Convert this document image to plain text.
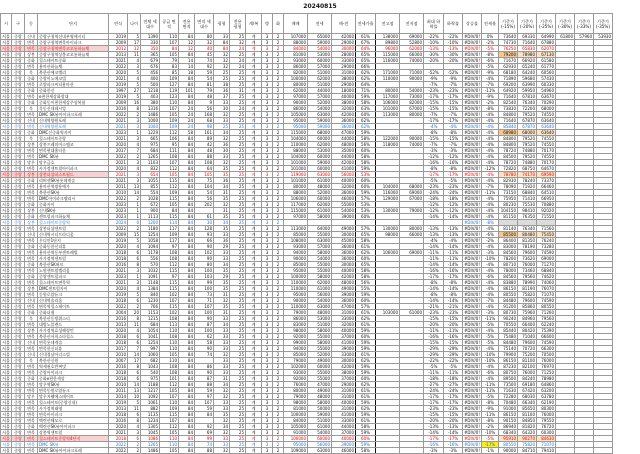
20240815
시	구	동	단지	연식	나이	전체 세대수	공급 면적	전용 면적	면적 세대수	평형	전용 평형	계/복	방	화	매매	전세	매-전	전세가율	전고점	전저점	최대 하락률	하락률	상승률	전세율	기준가 (-15%)	기준가 (-20%)	기준가 (-25%)	기준가 (-30%)	기준가 (-33%)	기준가 (-35%)
서울	중랑	신내	중랑구청역신내부영애시티	2019	5	1390	110	84	80	33	25	계	3	2	107000	65000	42000	61%	138000	69000	-22%	-22%	#DIV/0!	0%	73640	69330	64990	61800	57960	53930
서울	중랑	면목	중랑구청역면목아이파크	2009	17	330	107	12	32	84	32	계	3	2	88000	59000	29000	67%	89800	52800	-10%	-10%	#DIV/0!	-2%	74730	71640	67880			
서울	중랑	면목	중랑구청역면목코오롱하늘채	2012	12	350	84	12	40	84	24	계	3	2	84000	54000	30000	64%	96000	62000	-13%	-13%	#DIV/0!	-5%	76250	65830	62070			
서울	중랑	상봉	중랑구청역상봉코오롱하늘채	2013	11	365	105	84	45	32	25	계	3	2	81000	53000	28000	65%	115000	66000	-30%	-30%	#DIV/0!	-8%	79200	78980	67130			
서울	중랑	중화	힐스테이트중화	2021	4	679	79	14	74	32	24	계	3	2	93000	60000	33000	65%	116000	74000	-20%	-20%	#DIV/0!	-6%	71670	66920	61580			
서울	중랑	면목	용마산하늘채	2022	3	676	83	14	92	32	24	계	3	2	86000	57000	29000	66%					#DIV/0!	-5%	62930	65240	61770			
서울	중랑	묵	북한산에코밸리	2020	5	456	85	18	59	25	25	계	3	2	82000	51000	31000	62%	171000	71000	-52%	-52%	#DIV/0!	-9%	68180	64240	60560			
서울	중랑	중화	중랑이노에코빌	2021	4	400	109	84	54	25	25	계	3	2	100000	62000	38000	62%	110000	90000	-9%	-9%	#DIV/0!	-4%	71890	59680	57430			
서울	중랑	면목	로얄파크씨티용마산	2019	5	500	127	84	81	38	25	계	3	2	80000	51000	29000	64%			-7%	-7%	#DIV/0!	-7%	69200	63990	60330			
서울	중랑	중화	중화한신	1997	27	1218	119	101	79	36	31	계	3	2	62000	44000	18000	71%	80000	54000	-23%	-23%	#DIV/0!	-11%	64920	59950	54960			
서울	중랑	면목	e편한세상화랑대	2019	5	403	123	84	48	37	25	계	3	2	97000	57000	40000	59%	117000	73000	-17%	-17%	#DIV/0!	-9%	71640	67810	63670			
서울	중랑	중화	중화동이편한세상주상복합	2009	16	380	110	84	9	33	25	계	3	2	90000	52000	38000	58%	106000	82000	-15%	-15%	#DIV/0!	-2%	82540	76340	70290			
서울	중랑	묵	묵동신내데시앙	2016	8	1316	107	24	56	30	24	계	3	2	86000	54000	32000	63%	101000	67000	-15%	-15%	#DIV/0!	-8%	73830	72200	68000			
서울	중랑	면목	DMC SK뷰아이파크포레	2022	2	1486	105	24	168	32	25	계	3	2	105000	63000	42000	60%	113000	80000	-7%	-7%	#DIV/0!	-4%	84800	79520	74550			
서울	중랑	신내	신내역양원포레	2021	3	1000	109	24	68	33	25	계	3	2	95000	59000	36000	62%			-17%	-17%	#DIV/0!	-4%	71640	67870	63640			
서울	중랑	면목	신내역양원포레	2021	3	1000	109	24	98	25	25	계	3	2	95000	59000	36000	62%			-4%	-4%	#DIV/0!	-4%	85840	67870	63640			
서울	중랑	중화	DMC신중화역자이	2023	1	1229	112	58	161	34	25	계	3	2	115000	68000	47000	59%			-8%	-8%	#DIV/0!	-4%	68980	68000	63640			
서울	중랑	묵	힐스테이트중랑	2021	3	665	106	84	89	32	25	계	3	2	104000	60000	44000	58%	122000	90000	-15%	-15%	#DIV/0!	-4%	84800	79520	74550			
서울	중랑	상봉	상봉프레미어스엠코	2020	4	975	95	84	42	36	25	계	3	2	110000	62000	48000	56%	118000	74000	-7%	-7%	#DIV/0!	-4%	84800	79520	74550			
서울	중랑	면목	면목현대홈타운	2017	7	684	111	84	48	30	25	계	3	2	88000	53000	35000	60%			-3%	-3%	#DIV/0!	-4%	78720	74880	70170			
서울	중랑	면목	DMC SK뷰	2022	2	1265	108	84	88	33	25	계	3	2	104000	60000	44000	58%			-12%	-12%	#DIV/0!	-4%	84500	79520	74550			
서울	중랑	망우	망우금호	2021	3	1103	107	84	108	32	25	계	3	2	101000	59000	42000	58%			-16%	-16%	#DIV/0!	-4%	78720	74880	70170			
서울	중랑	면목	사가정센트럴아이파크	2020	4	832	112	84	64	35	25	계	3	2	101000	60000	41000	59%			-8%	-8%	#DIV/0!	-12%	72820	68750	64670			
서울	중랑	상봉	상봉더샵퍼스트월드	2021	3	654	105	84	105	35	25	계	3	2	119000	63000	56000	53%			-17%	-17%	#DIV/0!	-4%	78780	74170	69590			
서울	중랑	중화	리버센SK뷰롯데캐슬	2021	3	1055	115	84	75	36	25	계	3	2	101000	61000	40000	60%			-5%	-5%	#DIV/0!	-4%	82930	78240	73370			
서울	중랑	면목	용마산역쌍용예가	2011	13	855	112	84	104	34	25	계	3	2	80000	48000	32000	60%	104000	68000	-23%	-23%	#DIV/0!	-7%	78090	71920	66460			
서울	중랑	면목	북한산SK뷰	2010	14	554	109	84	54	31	25	계	3	2	88000	52000	36000	59%	116000	69000	-24%	-24%	#DIV/0!	-11%	73150	68840	64510			
서울	중랑	면목	DMC아이파크펠리시	2022	2	1028	115	84	56	35	25	계	3	2	106000	60000	46000	57%	129000	67000	-18%	-18%	#DIV/0!	-4%	75950	71410	66950			
서울	중랑	중화	중화자이	2023	1	672	105	84	202	32	25	계	3	2	117000	62000	55000	53%			-12%	-12%	#DIV/0!	-4%	80230	75530	70880			
서울	중랑	상봉	신내SK뷰	2023	1	900	84	84		31	25	계	3	2	115000	61000	54000	53%	130000	79000	-12%	-12%	#DIV/0!	-4%	104150	98410	92020			
서울	중랑	중화	센트럴파크하늘채	2023	1	1113	115	84	61	35	25	계	3	2	97000	58000	39000	60%			-14%	-14%	#DIV/0!	-4%	81150	76350	71550			
서울	중랑	상봉	힐스테이트중랑역	2024	0	1200	114	84	30	34	25	계	3	2									#DIV/0!	-8%						
서울	중랑	면목	상봉더샵센트럴	2022	2	1180	117	84	128	35	25	계	3	2	113000	64000	49000	57%	130000	80000	-13%	-13%	#DIV/0!	-4%	81140	76340	71560			
서울	중랑	신내	신내역시티프라디움	2009	15	1254	109	84	93	33	25	계	3	2	85000	55000	30000	65%	98000	66000	-13%	-13%	#DIV/0!	-6%	85500	80480	75450			
서울	중랑	면목	우디안1단지	2019	5	1058	117	84	66	36	25	계	3	2	108000	63000	45000	58%			-4%	-4%	#DIV/0!	-2%	86400	81350	76240			
서울	중랑	중화	중화동한신더휴	2020	4	1094	97	84	90	29	25	계	3	2	93000	57000	36000	61%			-14%	-14%	#DIV/0!	-4%	83000	78190	73280			
서울	중랑	면목	용마산역동부센트레빌	2018	6	1178	108	84	102	33	25	계	3	2	94000	58000	36000	62%	106000	69000	-11%	-11%	#DIV/0!	-3%	84560	79600	74590			
서울	중랑	면목	사가정역센트럴	2018	6	556	108	84	90	33	25	계	3	2	90000	54000	36000	60%			-11%	-11%	#DIV/0!	-10%	78200	73620	69000			
서울	중랑	중화	북한산SK허브	2016	8	570	112	84	80	34	25	계	3	2	85000	55000	30000	65%			-14%	-14%	#DIV/0!	-4%	80710	76000	71270			
서울	중랑	면목	노원센트럴엘리움	2021	3	1032	115	84	100	35	25	계	3	2	95000	55000	40000	58%			-16%	-16%	#DIV/0!	-4%	78000	73460	68840			
서울	중랑	중화	중랑센트럴파크	2023	1	1091	97	84	103	29	25	계	3	2	100000	58000	42000	58%			-17%	-17%	#DIV/0!	-6%	84560	79560	74620			
서울	중랑	면목	힐스테이트면목역	2021	3	1148	115	84	99	35	25	계	3	2	110000	62000	48000	56%			-8%	-8%	#DIV/0!	-4%	83880	78990	74060			
서울	중랑	상봉	DMC센트럴자이	2020	4	1384	115	84	100	35	25	계	3	2	110000	61000	49000	55%			-14%	-14%	#DIV/0!	-4%	86150	81190	76070			
서울	중랑	면목	동원로얄듀크	2019	5	840	102	84	73	31	25	계	3	2	95000	56000	39000	59%			-8%	-8%	#DIV/0!	-4%	80550	75820	71070			
서울	중랑	신내	신내역솔리움	2018	6	1230	107	84	71	32	25	계	3	2	90000	54000	36000	60%			-14%	-14%	#DIV/0!	-7%	84480	79600	74590			
서울	중랑	면목	면목역힐스테이트	2022	2	766	115	84	107	35	25	계	3	2	110000	63000	47000	57%			-21%	-21%	#DIV/0!	-4%	91200	85860	80550			
서울	중랑	중화	중화더쉴	2004	20	1153	102	84	100	31	25	계	3	2	79000	48000	31000	61%	103000	61000	-23%	-23%	#DIV/0!	-3%	80730	75960	71260			
서울	중랑	묵	북한산동방위스티	2016	8	1215	108	84	90	33	25	계	3	2	86000	53000	33000	62%			-15%	-15%	#DIV/0!	-11%	90240	84960	79560			
서울	중랑	면목	대방노블랜드	2013	11	684	113	84	87	34	25	계	3	2	83000	51000	32000	61%			-20%	-20%	#DIV/0!	-5%	70550	66400	62240			
서울	중랑	상봉	사가정역효성해링턴	2020	4	1054	110	84	100	33	25	계	3	2	98000	58000	40000	59%			-11%	-11%	#DIV/0!	-4%	85440	80420	75390			
서울	중랑	면목	북한산서희스타힐스	2018	6	1041	108	84	62	33	25	계	3	2	92000	55000	37000	60%			-16%	-16%	#DIV/0!	-5%	75480	71040	66600			
서울	중랑	신내	면목롯데캐슬	2018	6	1254	110	84	58	33	25	계	3	2	99000	58000	41000	59%			-15%	-15%	#DIV/0!	-5%	84480	79600	74590			
서울	중랑	면목	면목한신더휴	2017	7	997	110	84	90	33	25	계	3	2	94000	55000	39000	59%			-29%	-29%	#DIV/0!	-4%	75140	70720	66300			
서울	중랑	신내	신내경남아너스빌	2010	14	1060	105	84	74	32	25	계	3	2	85000	52000	33000	61%			-29%	-29%	#DIV/0!	-10%	79900	75200	70500			
서울	중랑	묵	북한산신원	2007	17	682	110	84		33	25	계	3	2	79000	49000	30000	62%			-22%	-22%	#DIV/0!	-10%	86150	81100	76000			
서울	중랑	면목	역세권호반써밋	2016	8	1043	108	84	86	33	25	계	3	2	102000	60000	42000	59%			-5%	-5%	#DIV/0!	-4%	87230	82100	76970			
서울	중랑	면목	중랑아이파크	2018	6	540	108	84	90	33	25	계	3	2	93000	55000	38000	59%			-11%	-11%	#DIV/0!	-6%	80750	76000	71250			
서울	중랑	중화	중화e편한세상	2018	6	975	101	84	87	31	25	계	3	2	92000	55000	37000	60%			-18%	-18%	#DIV/0!	-4%	89500	84240	78980			
서울	중랑	면목	망우역SK뷰	2010	14	1188	112	84	88	34	25	계	3	2	76000	47000	29000	62%			-27%	-27%	#DIV/0!	-11%	73500	69180	64860			
서울	중랑	면목	면목동원로얄듀크	2011	13	1217	105	84	59	32	25	계	3	2	80000	49000	31000	61%			-24%	-24%	#DIV/0!	-11%	71630	67420	63200			
서울	중랑	망우	망우지웰에스테이트	2014	10	1092	107	84	97	32	25	계	3	2	79000	48000	31000	61%			-17%	-17%	#DIV/0!	-5%	72280	68030	63780			
서울	중랑	면목	힐스테이트(중랑신내)	2019	5	1061	110	84	107	33	25	계	3	2	98000	58000	40000	59%			-17%	-17%	#DIV/0!	-8%	70480	66340	62190			
서울	중랑	면목	사가정역태영	2013	11	882	109	84	59	33	25	계	3	2	81000	50000	31000	62%			-23%	-23%	#DIV/0!	-9%	91000	85650	80300			
서울	중랑	면목	면목아이파크	2018	6	1135	115	84	84	35	25	계	3	2	100000	59000	41000	59%			-15%	-15%	#DIV/0!	-11%	86150	81100	76000			
서울	중랑	면목	백련산해모로	2016	8	1234	107	84		32	25	계	3	2	84000	51000	33000	61%			-20%	-20%	#DIV/0!	-8%	90150	84850	79550			
서울	중랑	중화	백련산SK뷰아이파크	2020	4	1305	112	84	92	34	25	계	3	2	105000	61000	44000	58%			-13%	-13%	#DIV/0!	-2%	86940	81820	76720			
서울	중랑	면목	상봉역센트럴	2021	3	1045	105	84	69	32	25	계	3	2	91000	54000	37000	59%			-14%	-14%	#DIV/0!	-10%	68340	64320	60300			
서울	중랑	면목	힐스테이트중랑역4단지	2018	6	1086	110	84	99	33	25	계	3	2	100000	60000	40000	60%			-17%	-17%	#DIV/0!	-5%	95910	90270	84630			
서울	중랑	면목	DMC SK뷰	2022	2	1265	110	84	74	33	25	계	3	2	95000	56000	39000	59%			-16%	-16%	#DIV/0!	-17%	80550	75820	71070			
서울	중랑	면목	DMC SK뷰아이파크포레	2022	2	1486	105	84	88	32	25	계	3	2	109000	63000	46000	58%			-3%	-3%	#DIV/0!	-1%	90000	84710	79410			
